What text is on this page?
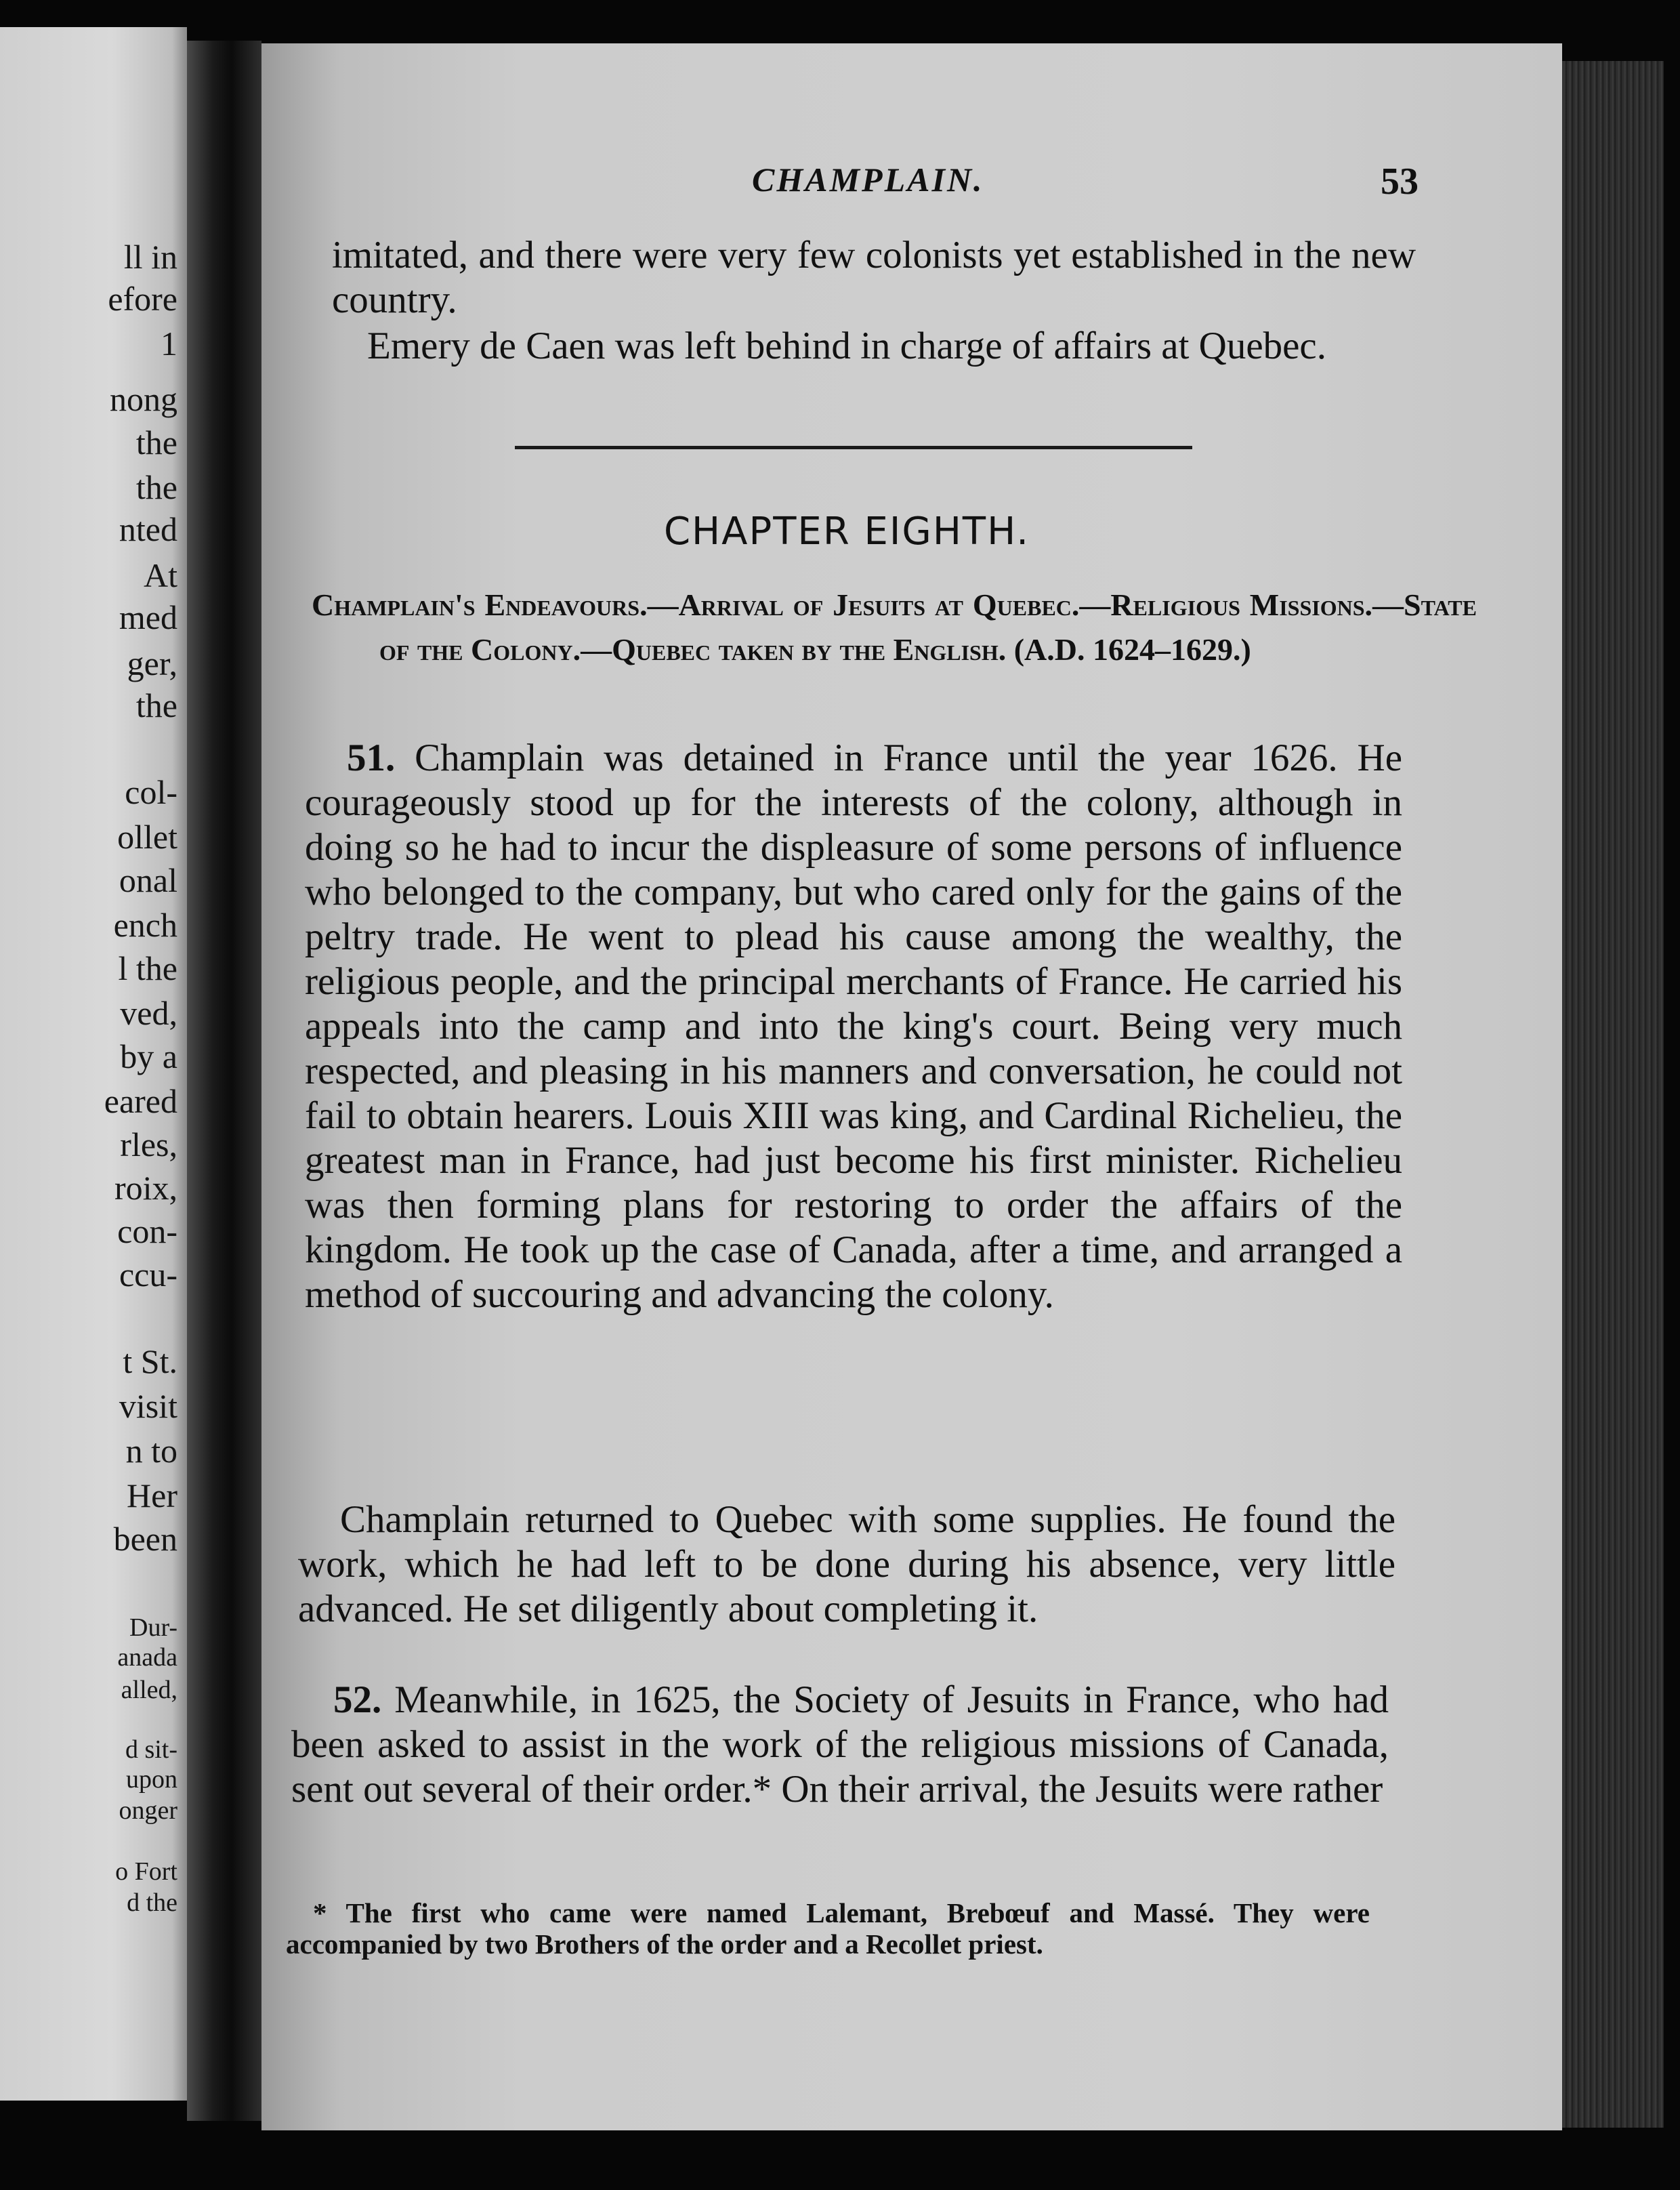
ll in
efore
1
nong
the
the
nted
At
med
ger,
the
col-
ollet
onal
ench
l the
ved,
by a
eared
rles,
roix,
con-
ccu-
t St.
visit
n to
Her
been
Dur-
anada
alled,
d sit-
upon
onger
o Fort
d the
CHAMPLAIN.	53

imitated, and there were very few colonists yet established in the new country.

Emery de Caen was left behind in charge of affairs at Quebec.

CHAPTER EIGHTH.

Champlain's Endeavours.—Arrival of Jesuits at Quebec.—Religious Missions.—State of the Colony.—Quebec taken by the English. (A.D. 1624–1629.)

51. Champlain was detained in France until the year 1626. He courageously stood up for the interests of the colony, although in doing so he had to incur the displeasure of some persons of influence who belonged to the company, but who cared only for the gains of the peltry trade. He went to plead his cause among the wealthy, the religious people, and the principal merchants of France. He carried his appeals into the camp and into the king's court. Being very much respected, and pleasing in his manners and conversation, he could not fail to obtain hearers. Louis XIII was king, and Cardinal Richelieu, the greatest man in France, had just become his first minister. Richelieu was then forming plans for restoring to order the affairs of the kingdom. He took up the case of Canada, after a time, and arranged a method of succouring and advancing the colony.

Champlain returned to Quebec with some supplies. He found the work, which he had left to be done during his absence, very little advanced. He set diligently about completing it.

52. Meanwhile, in 1625, the Society of Jesuits in France, who had been asked to assist in the work of the religious missions of Canada, sent out several of their order.* On their arrival, the Jesuits were rather

* The first who came were named Lalemant, Brebœuf and Massé. They were accompanied by two Brothers of the order and a Recollet priest.
